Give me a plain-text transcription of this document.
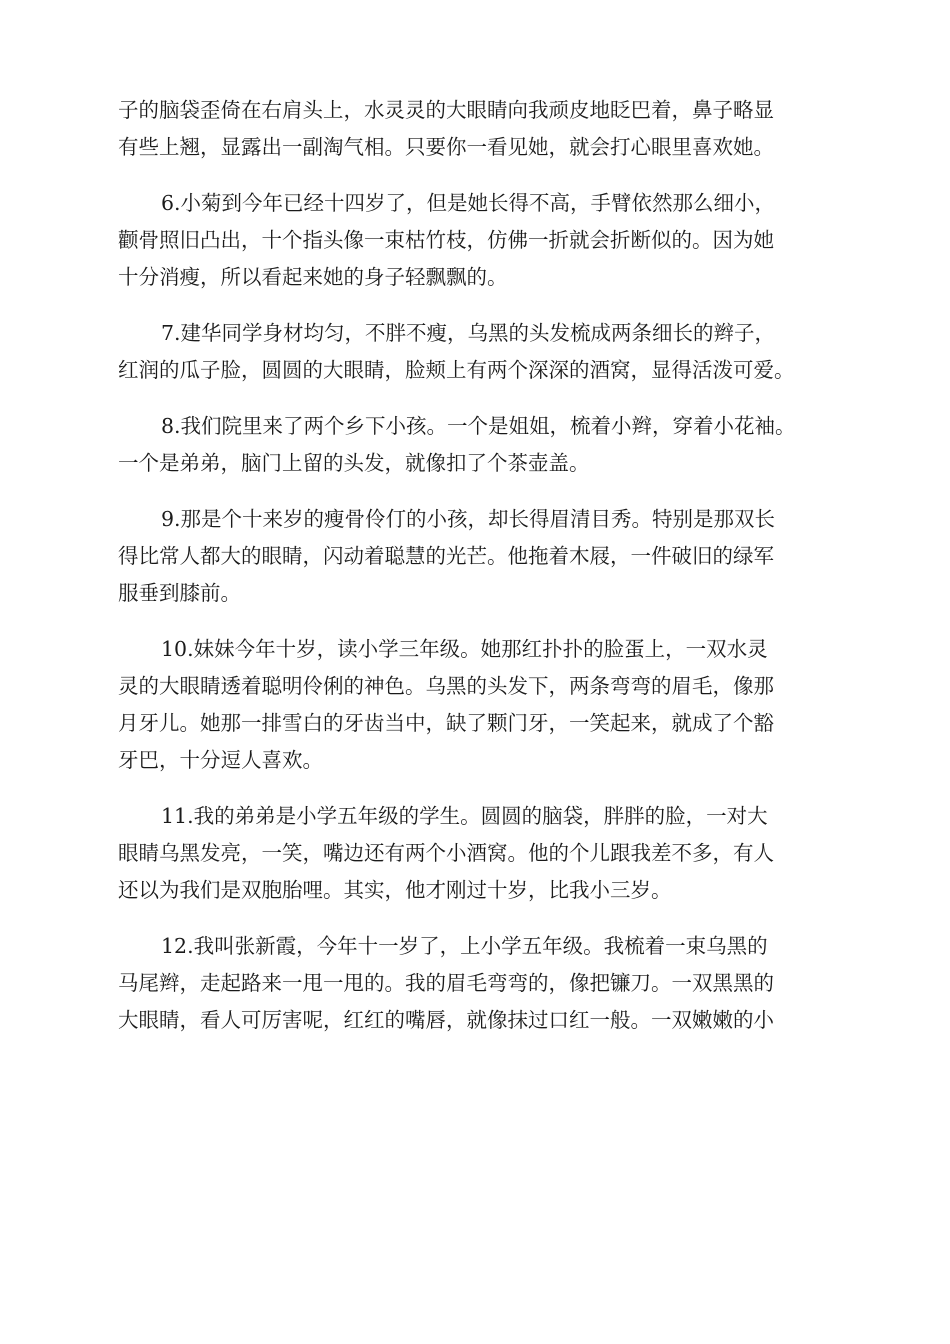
子的脑袋歪倚在右肩头上，水灵灵的大眼睛向我顽皮地眨巴着，鼻子略显
有些上翘，显露出一副淘气相。只要你一看见她，就会打心眼里喜欢她。
6.小菊到今年已经十四岁了，但是她长得不高，手臂依然那么细小，
颧骨照旧凸出，十个指头像一束枯竹枝，仿佛一折就会折断似的。因为她
十分消瘦，所以看起来她的身子轻飘飘的。
7.建华同学身材均匀，不胖不瘦，乌黑的头发梳成两条细长的辫子，
红润的瓜子脸，圆圆的大眼睛，脸颊上有两个深深的酒窝，显得活泼可爱。
8.我们院里来了两个乡下小孩。一个是姐姐，梳着小辫，穿着小花袖。
一个是弟弟，脑门上留的头发，就像扣了个茶壶盖。
9.那是个十来岁的瘦骨伶仃的小孩，却长得眉清目秀。特别是那双长
得比常人都大的眼睛，闪动着聪慧的光芒。他拖着木屐，一件破旧的绿军
服垂到膝前。
10.妹妹今年十岁，读小学三年级。她那红扑扑的脸蛋上，一双水灵
灵的大眼睛透着聪明伶俐的神色。乌黑的头发下，两条弯弯的眉毛，像那
月牙儿。她那一排雪白的牙齿当中，缺了颗门牙，一笑起来，就成了个豁
牙巴，十分逗人喜欢。
11.我的弟弟是小学五年级的学生。圆圆的脑袋，胖胖的脸，一对大
眼睛乌黑发亮，一笑，嘴边还有两个小酒窝。他的个儿跟我差不多，有人
还以为我们是双胞胎哩。其实，他才刚过十岁，比我小三岁。
12.我叫张新霞，今年十一岁了，上小学五年级。我梳着一束乌黑的
马尾辫，走起路来一甩一甩的。我的眉毛弯弯的，像把镰刀。一双黑黑的
大眼睛，看人可厉害呢，红红的嘴唇，就像抹过口红一般。一双嫩嫩的小
